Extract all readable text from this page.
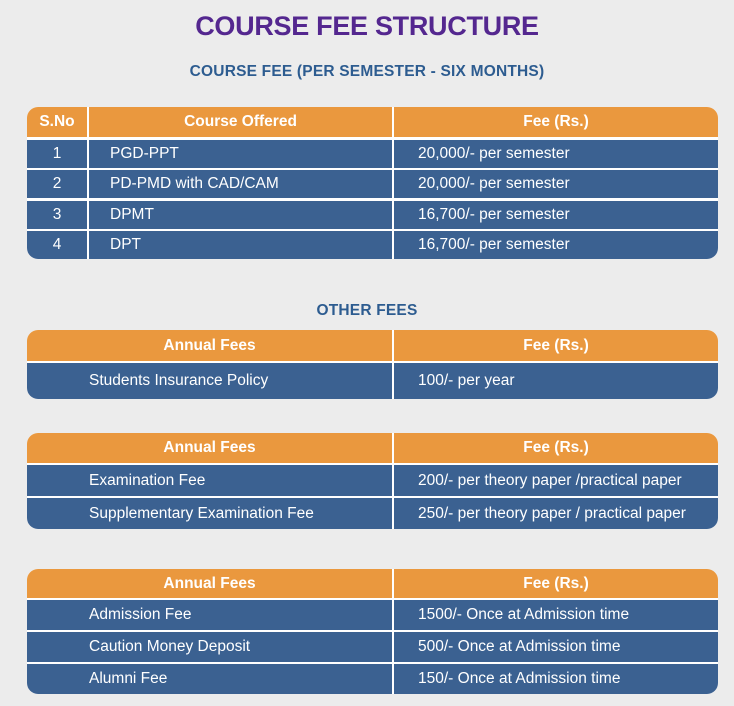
COURSE FEE STRUCTURE
COURSE FEE (PER SEMESTER - SIX MONTHS)
S.No	Course Offered	Fee (Rs.)
1	PGD-PPT	20,000/- per semester
2	PD-PMD with CAD/CAM	20,000/- per semester
3	DPMT	16,700/- per semester
4	DPT	16,700/- per semester
OTHER FEES
Annual Fees	Fee (Rs.)
Students Insurance Policy	100/- per year
Annual Fees	Fee (Rs.)
Examination Fee	200/- per theory paper /practical paper
Supplementary Examination Fee	250/- per theory paper / practical paper
Annual Fees	Fee (Rs.)
Admission Fee	1500/- Once at Admission time
Caution Money Deposit	500/- Once at Admission time
Alumni Fee	150/- Once at Admission time
